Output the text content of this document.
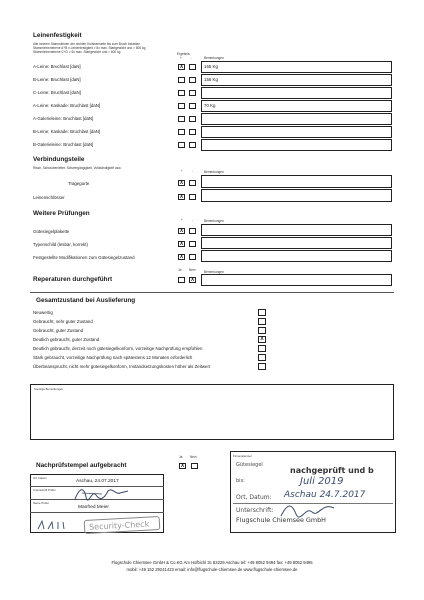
Leinenfestigkeit
Alle inneren Stammleinen der rechten Kulissenseite bis zum Bruch belasten
Stammleinenebene A+B x Leinenfestigkeit > 8x max. Startgewicht und > 800 kg
Stammleinenebene C+D > 6x max. Startgewicht und > 600 kg	Ergebnis
+	-	Bemerkungen
A-Leine: Bruchlast [daN]	X	165 Kg
B-Leine: Bruchlast [daN]	156 Kg
C-Leine: Bruchlast [daN]
A-Leine: Kaskade: Bruchlast [daN]	70 Kg
A-Galerieleine: Bruchlast [daN]
B-Leine: Kaskade: Bruchlast [daN]
B-Galerieleine: Bruchlast [daN]
Verbindungsteile
Risse, Schraubenleiter, Schwergängigkeit, Vollständigkeit usw.
+	-	Bemerkungen
Tragegurte	X
Leinenschlösser	X
Weitere Prüfungen
+	-	Bemerkungen
Gütesiegelplakette	X
Typenschild (lesbar, korrekt)	X
Festgestellte Modifikationen zum Gütesiegelzustand	X
Ja Nein	Bemerkungen
Reperaturen durchgeführt	X
Gesamtzustand bei Auslieferung
Neuwertig
Gebraucht, sehr guter Zustand
Gebraucht, guter Zustand
Deutlich gebraucht, guter Zustand	X
Deutlich gebraucht, derzeit noch gütesiegelkonform, vorzeitige Nachprüfung empfohlen
Stark gebraucht, vorzeitige Nachprüfung nach spätestens 12 Monaten erforderlich
Überbeansprucht, nicht mehr gütesiegelkonform, Instandsetzungskosten höher als Zeitwert
Sonstige Bemerkungen
Ja Nein
Nachprüfstempel aufgebracht	X
Ort, Datum
Aschau, 24.07.2017
Unterschrift Prüfer
Name Prüfer
Manfred Meier
Security-Check
Firmenstempel
Gütesiegel
nachgeprüft und b
bis:	Juli 2019
Ort, Datum: Aschau 24.7.2017
Unterschrift:
Flugschule Chiemsee GmbH
Flugschule Chiemsee GmbH & Co.KG Am Hofbichl 3c 83229 Aschau tel: +49 8052 9494 fax: +49 8052 9495
mobil: +49 152 29241423 email: info@flugschule-chiemsee.de www.flugschule-chiemsee.de
